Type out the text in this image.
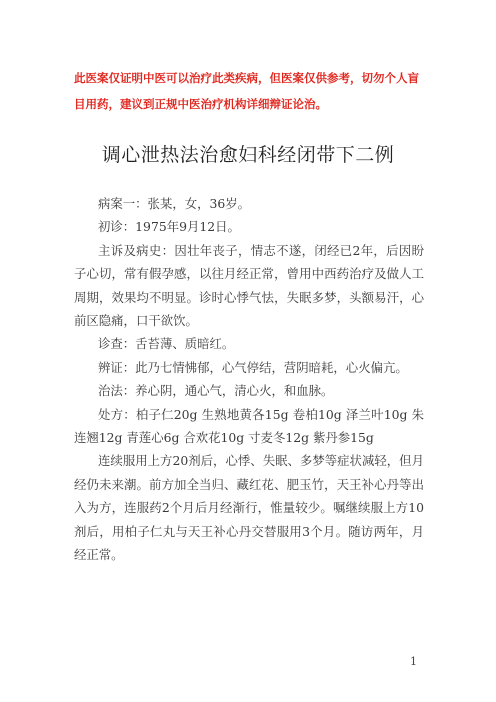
此医案仅证明中医可以治疗此类疾病，但医案仅供参考，切勿个人盲目用药，建议到正规中医治疗机构详细辩证论治。
调心泄热法治愈妇科经闭带下二例

病案一：张某，女，36岁。

初诊：1975年9月12日。

主诉及病史：因壮年丧子，情志不遂，闭经已2年，后因盼子心切，常有假孕感，以往月经正常，曾用中西药治疗及做人工周期，效果均不明显。诊时心悸气怯，失眠多梦，头额易汗，心前区隐痛，口干欲饮。

诊查：舌苔薄、质暗红。

辨证：此乃七情怫郁，心气停结，营阴暗耗，心火偏亢。

治法：养心阴，通心气，清心火，和血脉。

处方：柏子仁20g 生熟地黄各15g 卷柏10g 泽兰叶10g 朱连翘12g 青莲心6g 合欢花10g 寸麦冬12g 紫丹参15g

连续服用上方20剂后，心悸、失眠、多梦等症状减轻，但月经仍未来潮。前方加全当归、藏红花、肥玉竹，天王补心丹等出入为方，连服药2个月后月经渐行，惟量较少。嘱继续服上方10剂后，用柏子仁丸与天王补心丹交替服用3个月。随访两年，月经正常。

1
